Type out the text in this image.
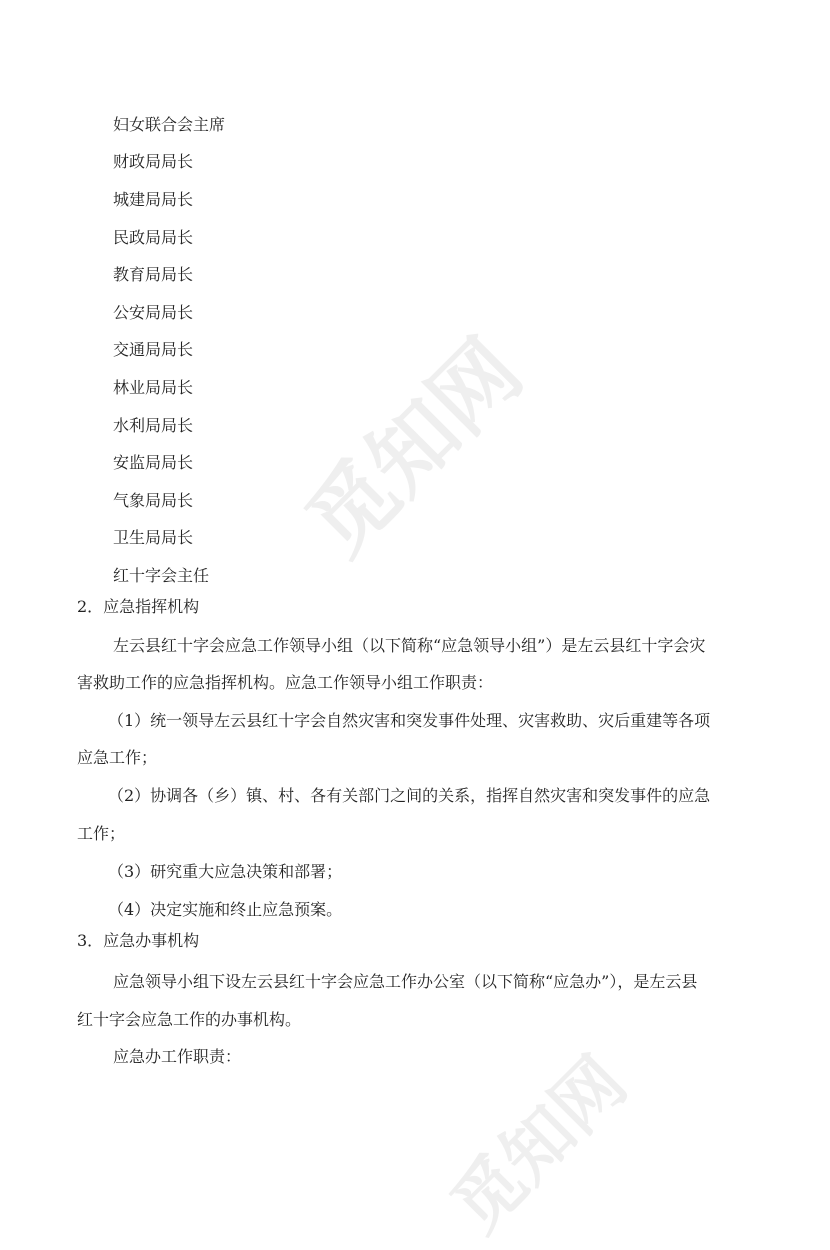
妇女联合会主席
财政局局长
城建局局长
民政局局长
教育局局长
公安局局长
交通局局长
林业局局长
水利局局长
安监局局长
气象局局长
卫生局局长
红十字会主任
2．应急指挥机构
左云县红十字会应急工作领导小组（以下简称“应急领导小组”）是左云县红十字会灾
害救助工作的应急指挥机构。应急工作领导小组工作职责：
（1）统一领导左云县红十字会自然灾害和突发事件处理、灾害救助、灾后重建等各项
应急工作；
（2）协调各（乡）镇、村、各有关部门之间的关系，指挥自然灾害和突发事件的应急
工作；
（3）研究重大应急决策和部署；
（4）决定实施和终止应急预案。
3．应急办事机构
应急领导小组下设左云县红十字会应急工作办公室（以下简称“应急办”），是左云县
红十字会应急工作的办事机构。
应急办工作职责：
觅知网
觅知网
